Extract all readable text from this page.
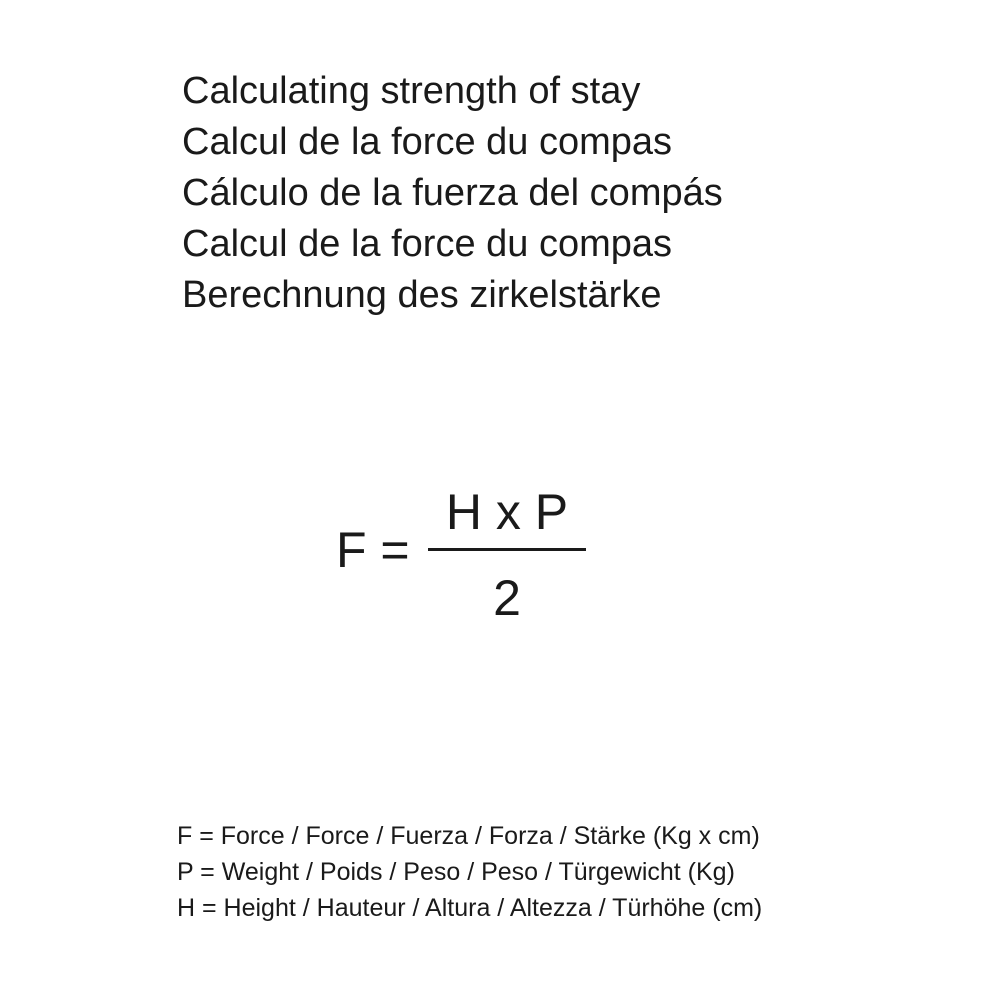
Calculating strength of stay
Calcul de la force du compas
Cálculo de la fuerza del compás
Calcul de la force du compas
Berechnung des zirkelstärke
F =
H x P
2
F = Force / Force / Fuerza / Forza / Stärke (Kg x cm)
P = Weight / Poids / Peso / Peso / Türgewicht (Kg)
H = Height / Hauteur / Altura / Altezza / Türhöhe (cm)
